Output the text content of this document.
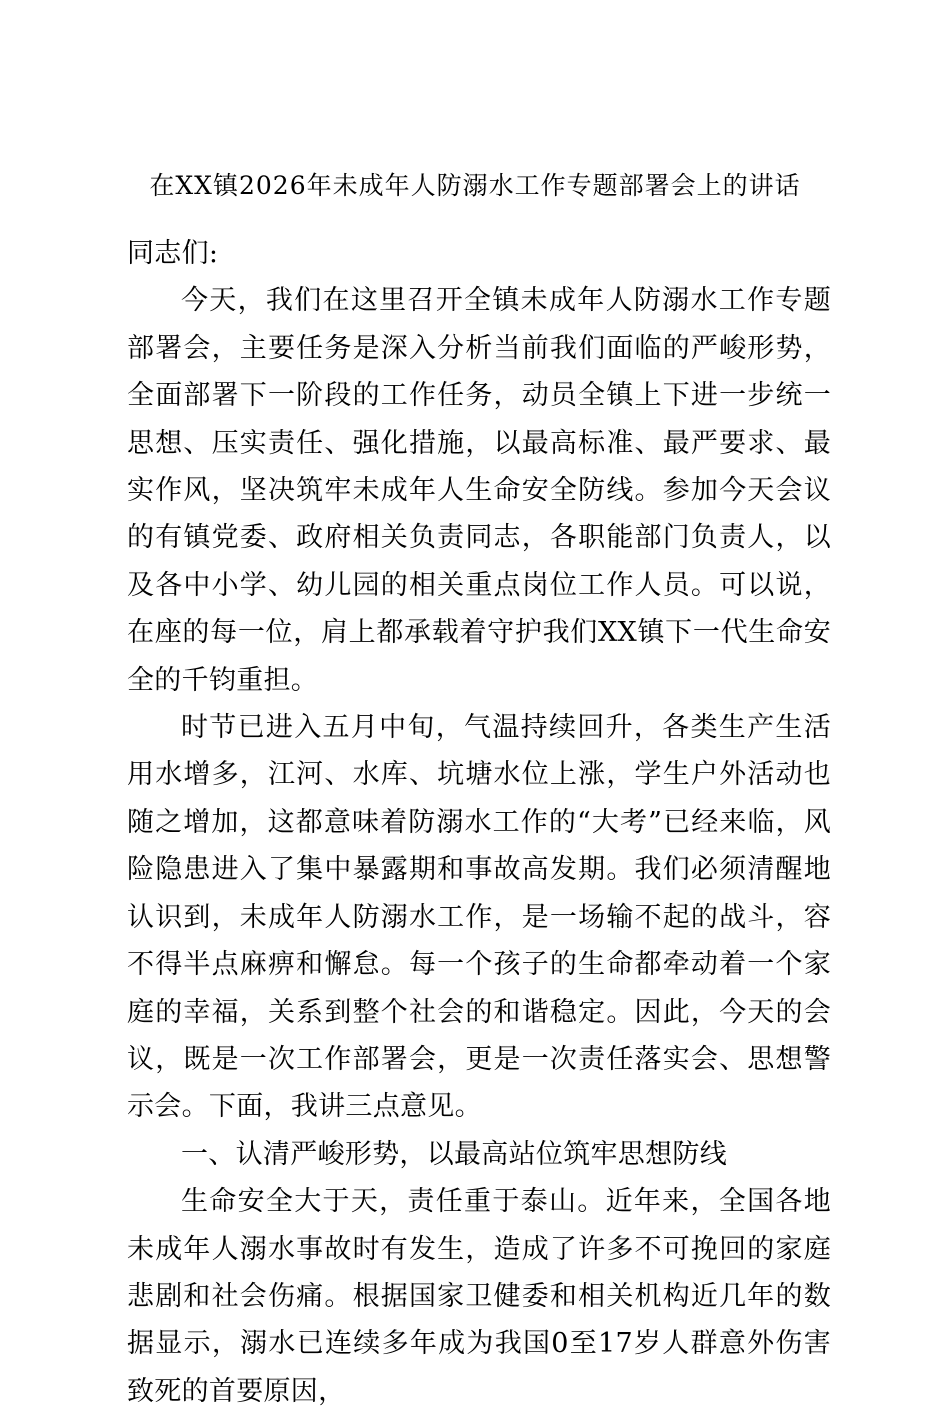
在XX镇2026年未成年人防溺水工作专题部署会上的讲话

同志们:

今天，我们在这里召开全镇未成年人防溺水工作专题部署会，主要任务是深入分析当前我们面临的严峻形势，全面部署下一阶段的工作任务，动员全镇上下进一步统一思想、压实责任、强化措施，以最高标准、最严要求、最实作风，坚决筑牢未成年人生命安全防线。参加今天会议的有镇党委、政府相关负责同志，各职能部门负责人，以及各中小学、幼儿园的相关重点岗位工作人员。可以说，在座的每一位，肩上都承载着守护我们XX镇下一代生命安全的千钧重担。

时节已进入五月中旬，气温持续回升，各类生产生活用水增多，江河、水库、坑塘水位上涨，学生户外活动也随之增加，这都意味着防溺水工作的“大考”已经来临，风险隐患进入了集中暴露期和事故高发期。我们必须清醒地认识到，未成年人防溺水工作，是一场输不起的战斗，容不得半点麻痹和懈怠。每一个孩子的生命都牵动着一个家庭的幸福，关系到整个社会的和谐稳定。因此，今天的会议，既是一次工作部署会，更是一次责任落实会、思想警示会。下面，我讲三点意见。

一、认清严峻形势，以最高站位筑牢思想防线

生命安全大于天，责任重于泰山。近年来，全国各地未成年人溺水事故时有发生，造成了许多不可挽回的家庭悲剧和社会伤痛。根据国家卫健委和相关机构近几年的数据显示，溺水已连续多年成为我国0至17岁人群意外伤害致死的首要原因，
